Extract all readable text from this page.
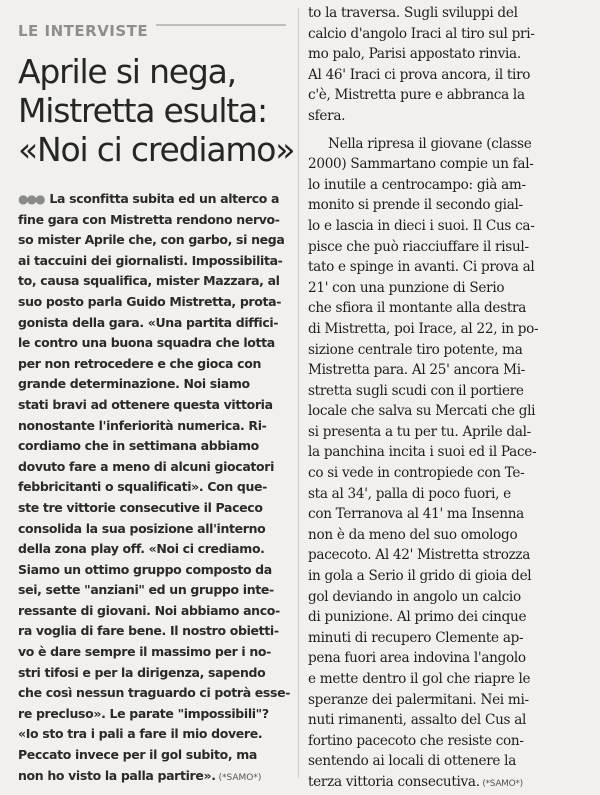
LE INTERVISTE
Aprile si nega,
Mistretta esulta:
«Noi ci crediamo»
●●● La sconfitta subita ed un alterco a
fine gara con Mistretta rendono nervo-
so mister Aprile che, con garbo, si nega
ai taccuini dei giornalisti. Impossibilita-
to, causa squalifica, mister Mazzara, al
suo posto parla Guido Mistretta, prota-
gonista della gara. «Una partita diffici-
le contro una buona squadra che lotta
per non retrocedere e che gioca con
grande determinazione. Noi siamo
stati bravi ad ottenere questa vittoria
nonostante l'inferiorità numerica. Ri-
cordiamo che in settimana abbiamo
dovuto fare a meno di alcuni giocatori
febbricitanti o squalificati». Con que-
ste tre vittorie consecutive il Paceco
consolida la sua posizione all'interno
della zona play off. «Noi ci crediamo.
Siamo un ottimo gruppo composto da
sei, sette "anziani" ed un gruppo inte-
ressante di giovani. Noi abbiamo anco-
ra voglia di fare bene. Il nostro obietti-
vo è dare sempre il massimo per i no-
stri tifosi e per la dirigenza, sapendo
che così nessun traguardo ci potrà esse-
re precluso». Le parate "impossibili"?
«Io sto tra i pali a fare il mio dovere.
Peccato invece per il gol subito, ma
non ho visto la palla partire». (*SAMO*)
to la traversa. Sugli sviluppi del
calcio d'angolo Iraci al tiro sul pri-
mo palo, Parisi appostato rinvia.
Al 46' Iraci ci prova ancora, il tiro
c'è, Mistretta pure e abbranca la
sfera.
Nella ripresa il giovane (classe
2000) Sammartano compie un fal-
lo inutile a centrocampo: già am-
monito si prende il secondo gial-
lo e lascia in dieci i suoi. Il Cus ca-
pisce che può riacciuffare il risul-
tato e spinge in avanti. Ci prova al
21' con una punzione di Serio
che sfiora il montante alla destra
di Mistretta, poi Irace, al 22, in po-
sizione centrale tiro potente, ma
Mistretta para. Al 25' ancora Mi-
stretta sugli scudi con il portiere
locale che salva su Mercati che gli
si presenta a tu per tu. Aprile dal-
la panchina incita i suoi ed il Pace-
co si vede in contropiede con Te-
sta al 34', palla di poco fuori, e
con Terranova al 41' ma Insenna
non è da meno del suo omologo
pacecoto. Al 42' Mistretta strozza
in gola a Serio il grido di gioia del
gol deviando in angolo un calcio
di punizione. Al primo dei cinque
minuti di recupero Clemente ap-
pena fuori area indovina l'angolo
e mette dentro il gol che riapre le
speranze dei palermitani. Nei mi-
nuti rimanenti, assalto del Cus al
fortino pacecoto che resiste con-
sentendo ai locali di ottenere la
terza vittoria consecutiva. (*SAMO*)
